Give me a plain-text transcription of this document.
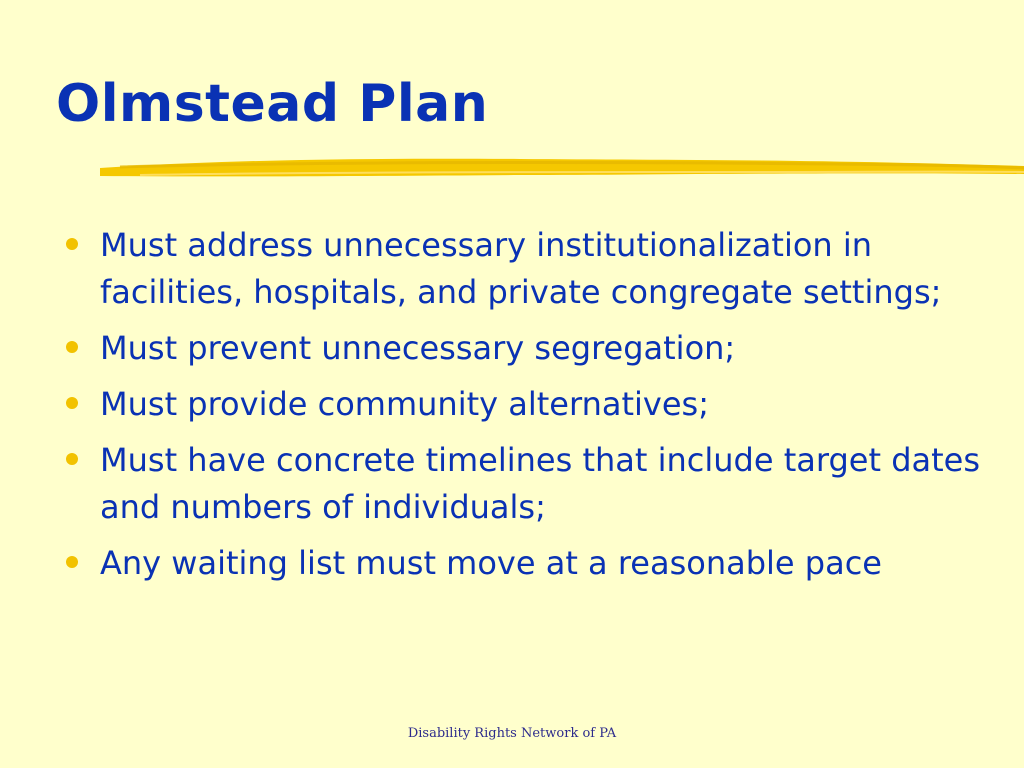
Olmstead Plan
Must address unnecessary institutionalization in facilities, hospitals, and private congregate settings;
Must prevent unnecessary segregation;
Must provide community alternatives;
Must have concrete timelines that include target dates and numbers of individuals;
Any waiting list must move at a reasonable pace
Disability Rights Network of PA
